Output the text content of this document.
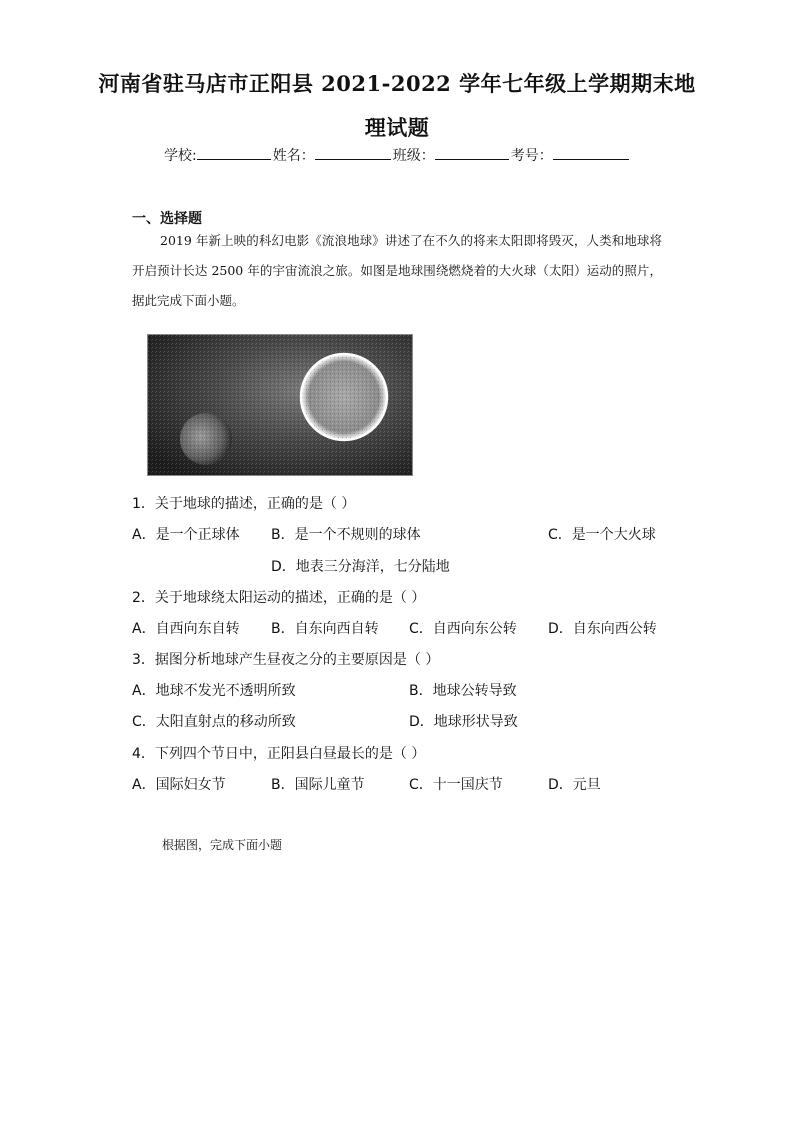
河南省驻马店市正阳县 2021-2022 学年七年级上学期期末地
理试题
学校:	姓名：	班级：	考号：
一、选择题
2019 年新上映的科幻电影《流浪地球》讲述了在不久的将来太阳即将毁灭，人类和地球将开启预计长达 2500 年的宇宙流浪之旅。如图是地球围绕燃烧着的大火球（太阳）运动的照片，据此完成下面小题。
1．关于地球的描述，正确的是（ ）
A．是一个正球体 B．是一个不规则的球体	C．是一个大火球
D．地表三分海洋，七分陆地
2．关于地球绕太阳运动的描述，正确的是（ ）
A．自西向东自转 B．自东向西自转 C．自西向东公转 D．自东向西公转
3．据图分析地球产生昼夜之分的主要原因是（ ）
A．地球不发光不透明所致	B．地球公转导致
C．太阳直射点的移动所致	D．地球形状导致
4．下列四个节日中，正阳县白昼最长的是（ ）
A．国际妇女节	B．国际儿童节	C．十一国庆节	D．元旦
根据图，完成下面小题
